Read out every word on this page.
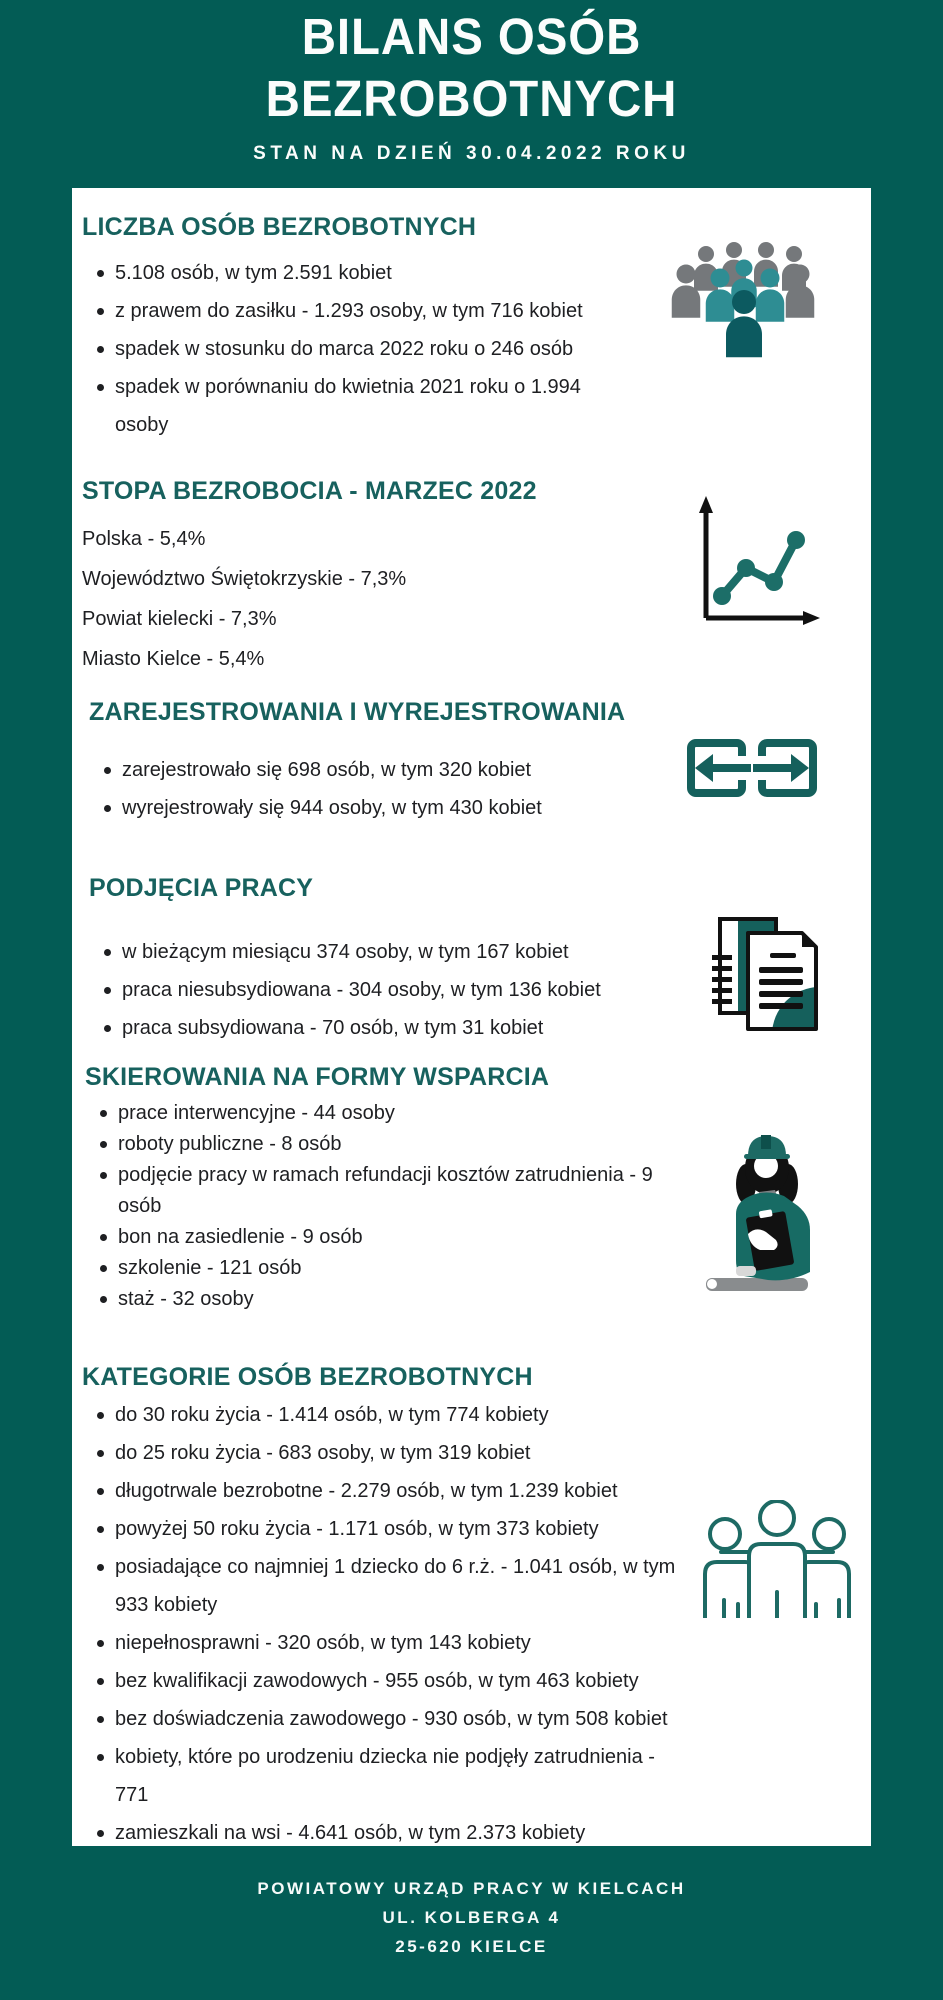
BILANS OSÓB
BEZROBOTNYCH
STAN NA DZIEŃ 30.04.2022 ROKU
LICZBA OSÓB BEZROBOTNYCH
5.108 osób, w tym 2.591 kobiet
z prawem do zasiłku - 1.293 osoby, w tym 716 kobiet
spadek w stosunku do marca 2022 roku o 246 osób
spadek w porównaniu do kwietnia 2021 roku o 1.994 osoby
STOPA BEZROBOCIA - MARZEC 2022
Polska - 5,4%
Województwo Świętokrzyskie - 7,3%
Powiat kielecki - 7,3%
Miasto Kielce - 5,4%
ZAREJESTROWANIA I WYREJESTROWANIA
zarejestrowało się 698 osób, w tym 320 kobiet
wyrejestrowały się 944 osoby, w tym 430 kobiet
PODJĘCIA PRACY
w bieżącym miesiącu 374 osoby, w tym 167 kobiet
praca niesubsydiowana - 304 osoby, w tym 136 kobiet
praca subsydiowana - 70 osób, w tym 31 kobiet
SKIEROWANIA NA FORMY WSPARCIA
prace interwencyjne - 44 osoby
roboty publiczne - 8 osób
podjęcie pracy w ramach refundacji kosztów zatrudnienia - 9 osób
bon na zasiedlenie - 9 osób
szkolenie - 121 osób
staż - 32 osoby
KATEGORIE OSÓB BEZROBOTNYCH
do 30 roku życia - 1.414 osób, w tym 774 kobiety
do 25 roku życia - 683 osoby, w tym 319 kobiet
długotrwale bezrobotne - 2.279 osób, w tym 1.239 kobiet
powyżej 50 roku życia - 1.171 osób, w tym 373 kobiety
posiadające co najmniej 1 dziecko do 6 r.ż. - 1.041 osób, w tym 933 kobiety
niepełnosprawni - 320 osób, w tym 143 kobiety
bez kwalifikacji zawodowych - 955 osób, w tym 463 kobiety
bez doświadczenia zawodowego - 930 osób, w tym 508 kobiet
kobiety, które po urodzeniu dziecka nie podjęły zatrudnienia - 771
zamieszkali na wsi - 4.641 osób, w tym 2.373 kobiety
POWIATOWY URZĄD PRACY W KIELCACH
UL. KOLBERGA 4
25-620 KIELCE
